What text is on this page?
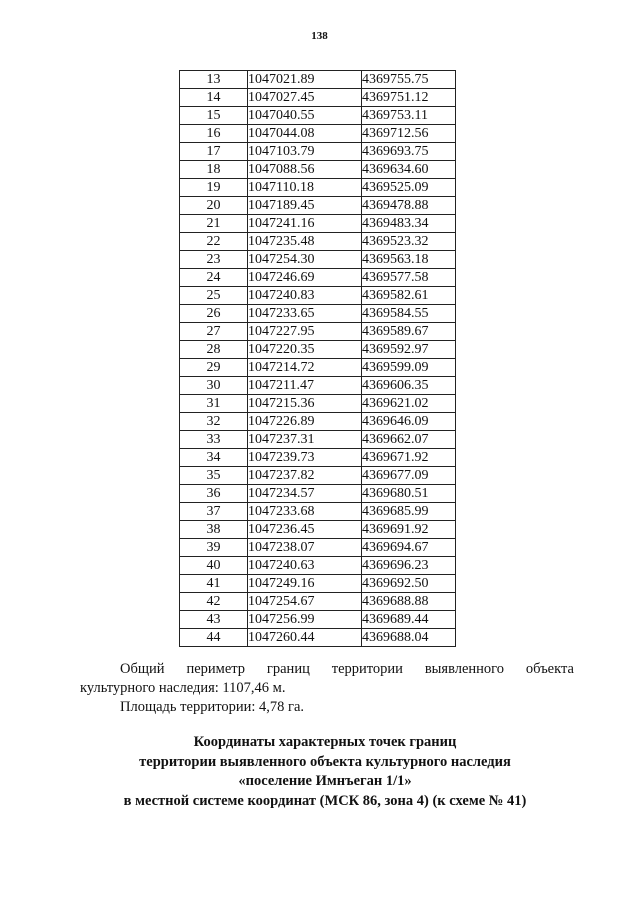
138
13	1047021.89	4369755.75
14	1047027.45	4369751.12
15	1047040.55	4369753.11
16	1047044.08	4369712.56
17	1047103.79	4369693.75
18	1047088.56	4369634.60
19	1047110.18	4369525.09
20	1047189.45	4369478.88
21	1047241.16	4369483.34
22	1047235.48	4369523.32
23	1047254.30	4369563.18
24	1047246.69	4369577.58
25	1047240.83	4369582.61
26	1047233.65	4369584.55
27	1047227.95	4369589.67
28	1047220.35	4369592.97
29	1047214.72	4369599.09
30	1047211.47	4369606.35
31	1047215.36	4369621.02
32	1047226.89	4369646.09
33	1047237.31	4369662.07
34	1047239.73	4369671.92
35	1047237.82	4369677.09
36	1047234.57	4369680.51
37	1047233.68	4369685.99
38	1047236.45	4369691.92
39	1047238.07	4369694.67
40	1047240.63	4369696.23
41	1047249.16	4369692.50
42	1047254.67	4369688.88
43	1047256.99	4369689.44
44	1047260.44	4369688.04
Общий периметр границ территории выявленного объекта
культурного наследия: 1107,46 м.
Площадь территории: 4,78 га.
Координаты характерных точек границ
территории выявленного объекта культурного наследия
«поселение Имнъеган 1/1»
в местной системе координат (МСК 86, зона 4) (к схеме № 41)
